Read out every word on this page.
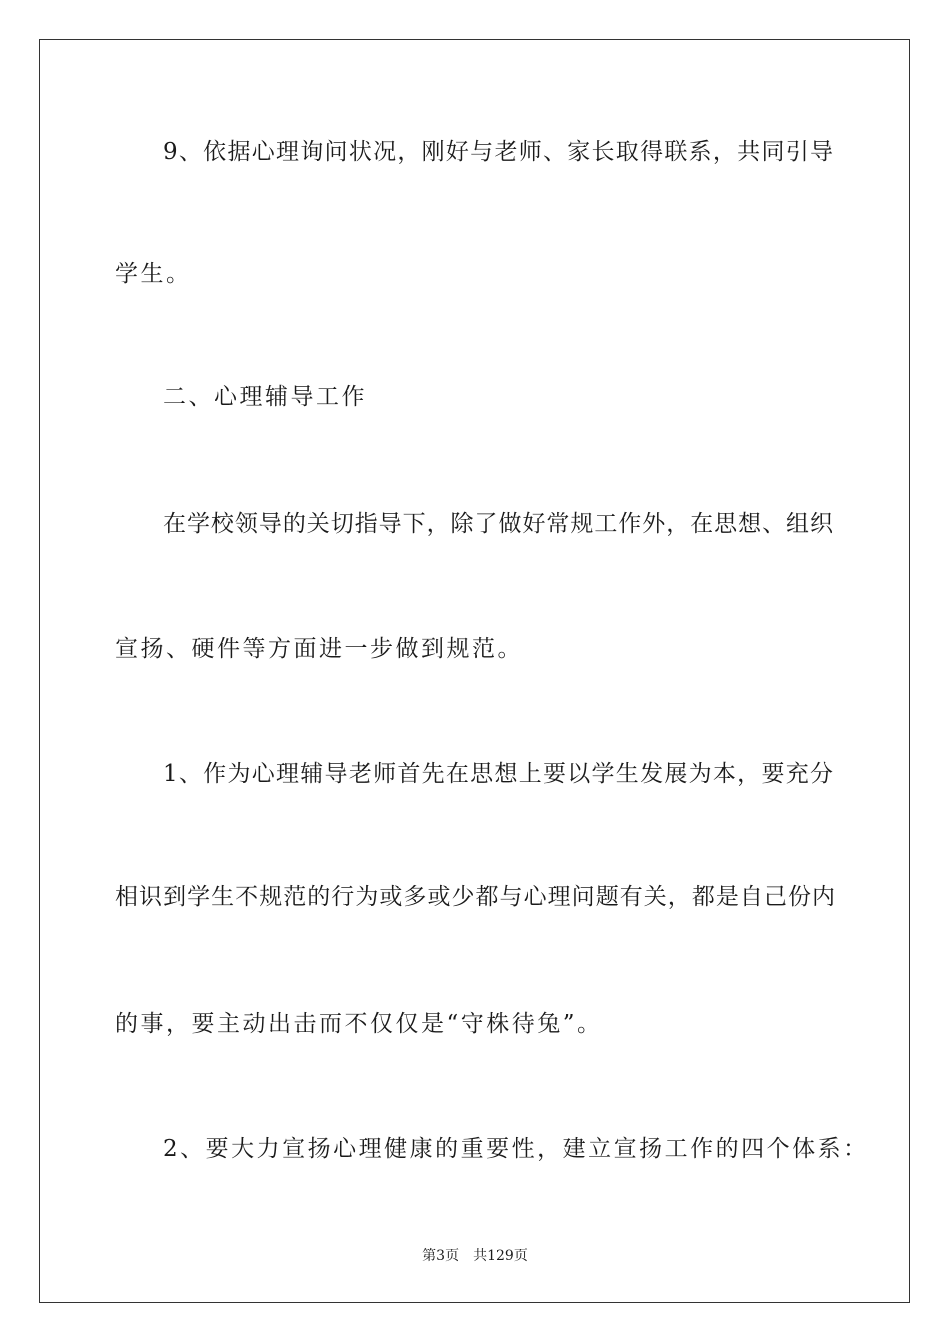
9、依据心理询问状况，刚好与老师、家长取得联系，共同引导
学生。
二、心理辅导工作
在学校领导的关切指导下，除了做好常规工作外，在思想、组织
宣扬、硬件等方面进一步做到规范。
1、作为心理辅导老师首先在思想上要以学生发展为本，要充分
相识到学生不规范的行为或多或少都与心理问题有关，都是自己份内
的事，要主动出击而不仅仅是“守株待兔”。
2、要大力宣扬心理健康的重要性，建立宣扬工作的四个体系：
第3页 共129页
